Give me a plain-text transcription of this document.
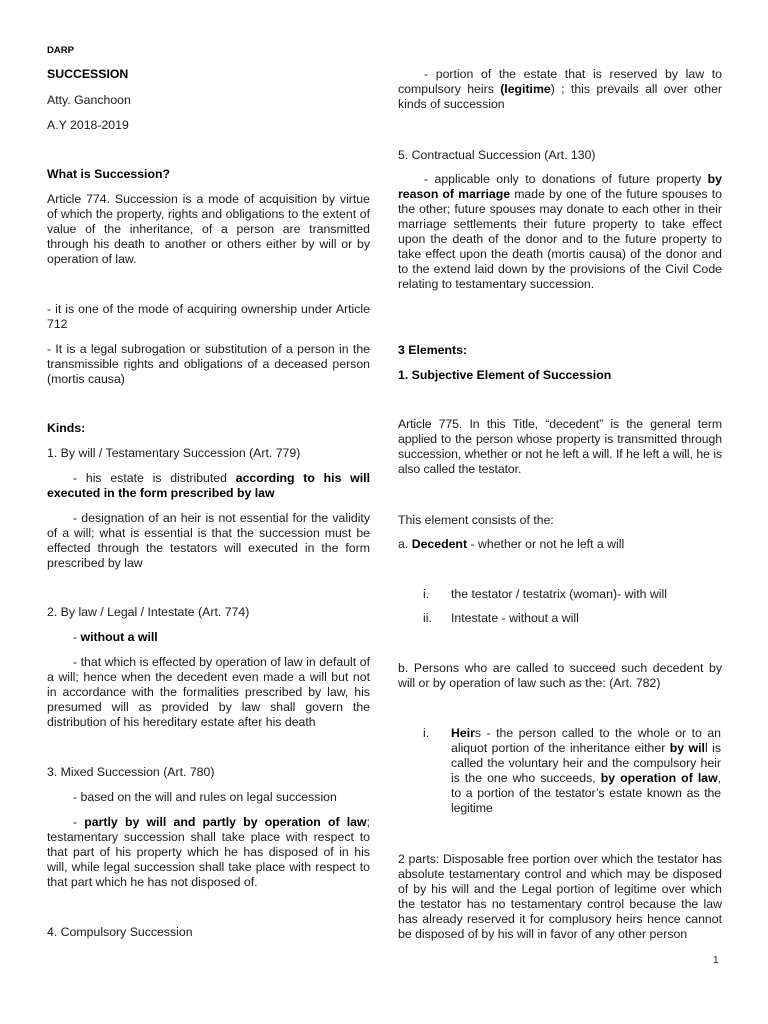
DARP

SUCCESSION

Atty. Ganchoon

A.Y 2018-2019

What is Succession?

Article 774. Succession is a mode of acquisition by virtue of which the property, rights and obligations to the extent of value of the inheritance, of a person are transmitted through his death to another or others either by will or by operation of law.

- it is one of the mode of acquiring ownership under Article 712

- It is a legal subrogation or substitution of a person in the transmissible rights and obligations of a deceased person (mortis causa)

Kinds:

1. By will / Testamentary Succession (Art. 779)

- his estate is distributed according to his will executed in the form prescribed by law

- designation of an heir is not essential for the validity of a will; what is essential is that the succession must be effected through the testators will executed in the form prescribed by law

2. By law / Legal / Intestate (Art. 774)

- without a will

- that which is effected by operation of law in default of a will; hence when the decedent even made a will but not in accordance with the formalities prescribed by law, his presumed will as provided by law shall govern the distribution of his hereditary estate after his death

3. Mixed Succession (Art. 780)

- based on the will and rules on legal succession

- partly by will and partly by operation of law; testamentary succession shall take place with respect to that part of his property which he has disposed of in his will, while legal succession shall take place with respect to that part which he has not disposed of.

4. Compulsory Succession

- portion of the estate that is reserved by law to compulsory heirs (legitime) ; this prevails all over other kinds of succession

5. Contractual Succession (Art. 130)

- applicable only to donations of future property by reason of marriage made by one of the future spouses to the other; future spouses may donate to each other in their marriage settlements their future property to take effect upon the death of the donor and to the future property to take effect upon the death (mortis causa) of the donor and to the extend laid down by the provisions of the Civil Code relating to testamentary succession.

3 Elements:

1. Subjective Element of Succession

Article 775. In this Title, “decedent” is the general term applied to the person whose property is transmitted through succession, whether or not he left a will. If he left a will, he is also called the testator.

This element consists of the:

a. Decedent - whether or not he left a will

i. the testator / testatrix (woman)- with will
ii. Intestate - without a will

b. Persons who are called to succeed such decedent by will or by operation of law such as the: (Art. 782)

i. Heirs - the person called to the whole or to an aliquot portion of the inheritance either by will is called the voluntary heir and the compulsory heir is the one who succeeds, by operation of law, to a portion of the testator’s estate known as the legitime

2 parts: Disposable free portion over which the testator has absolute testamentary control and which may be disposed of by his will and the Legal portion of legitime over which the testator has no testamentary control because the law has already reserved it for complusory heirs hence cannot be disposed of by his will in favor of any other person

1
